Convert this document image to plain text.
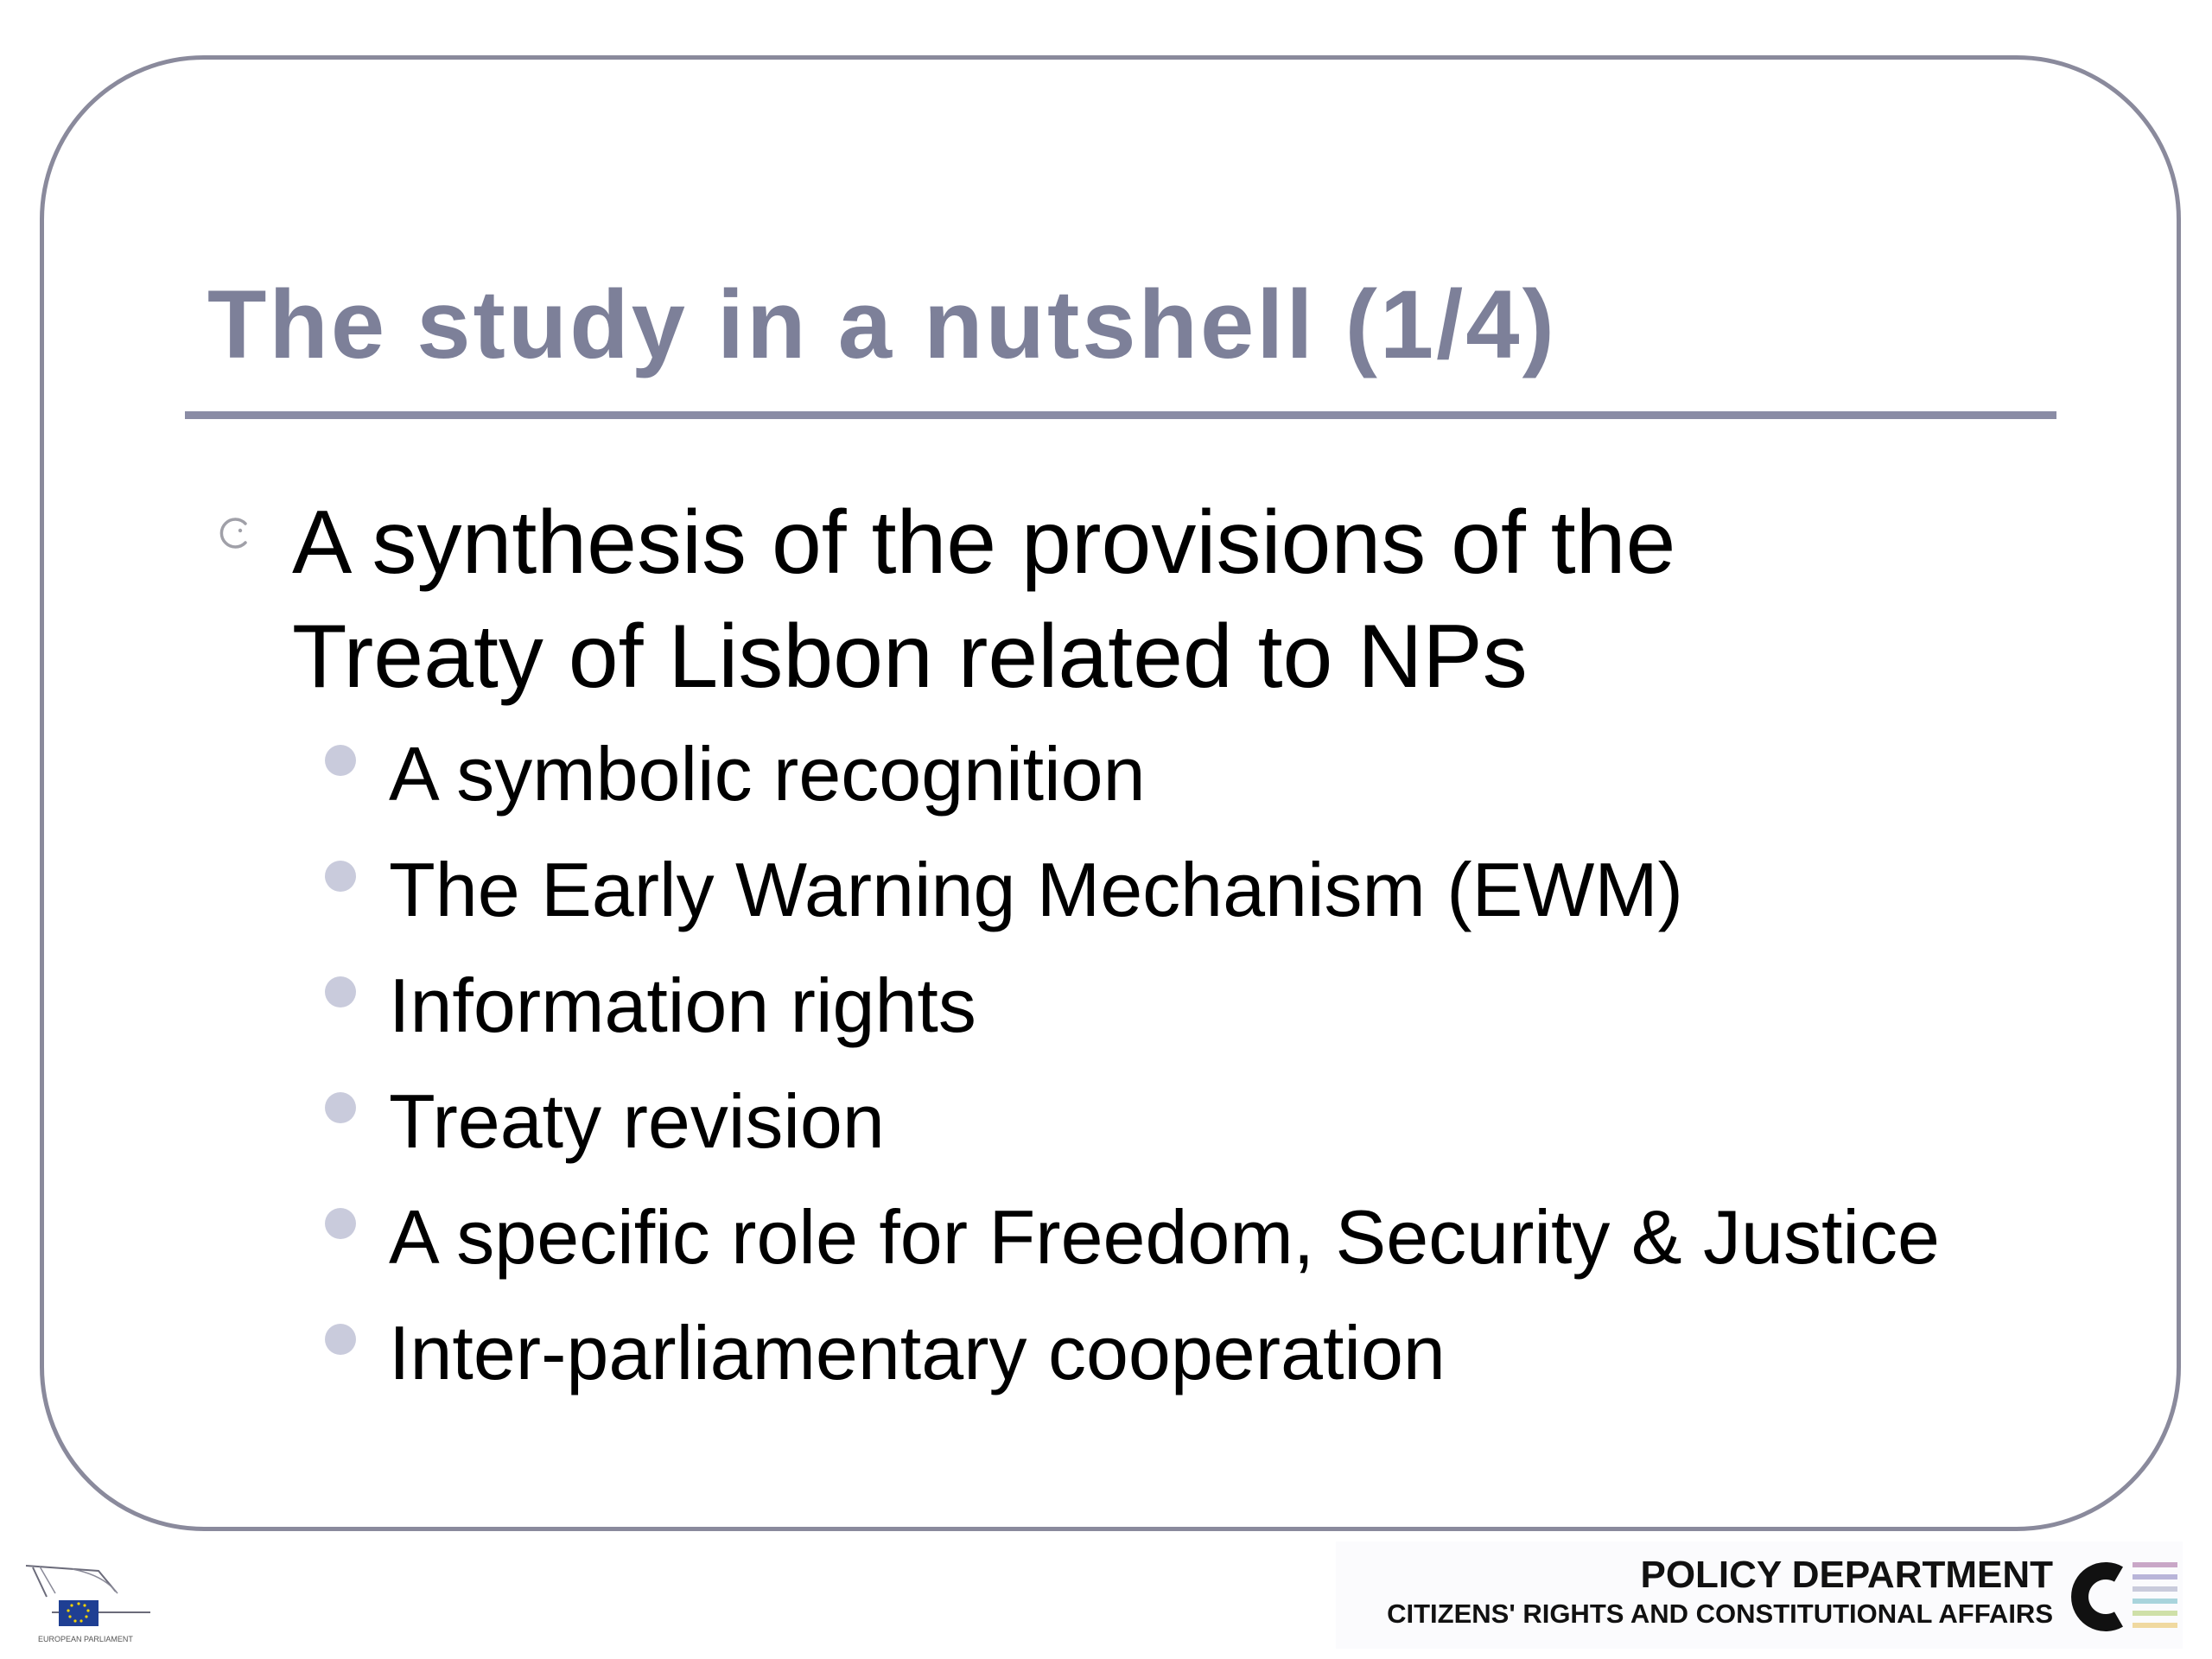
The study in a nutshell (1/4)
A synthesis of the provisions of the
Treaty of Lisbon related to NPs
A symbolic recognition
The Early Warning Mechanism (EWM)
Information rights
Treaty revision
A specific role for Freedom, Security & Justice
Inter-parliamentary cooperation
EUROPEAN PARLIAMENT
POLICY DEPARTMENT
CITIZENS' RIGHTS AND CONSTITUTIONAL AFFAIRS
